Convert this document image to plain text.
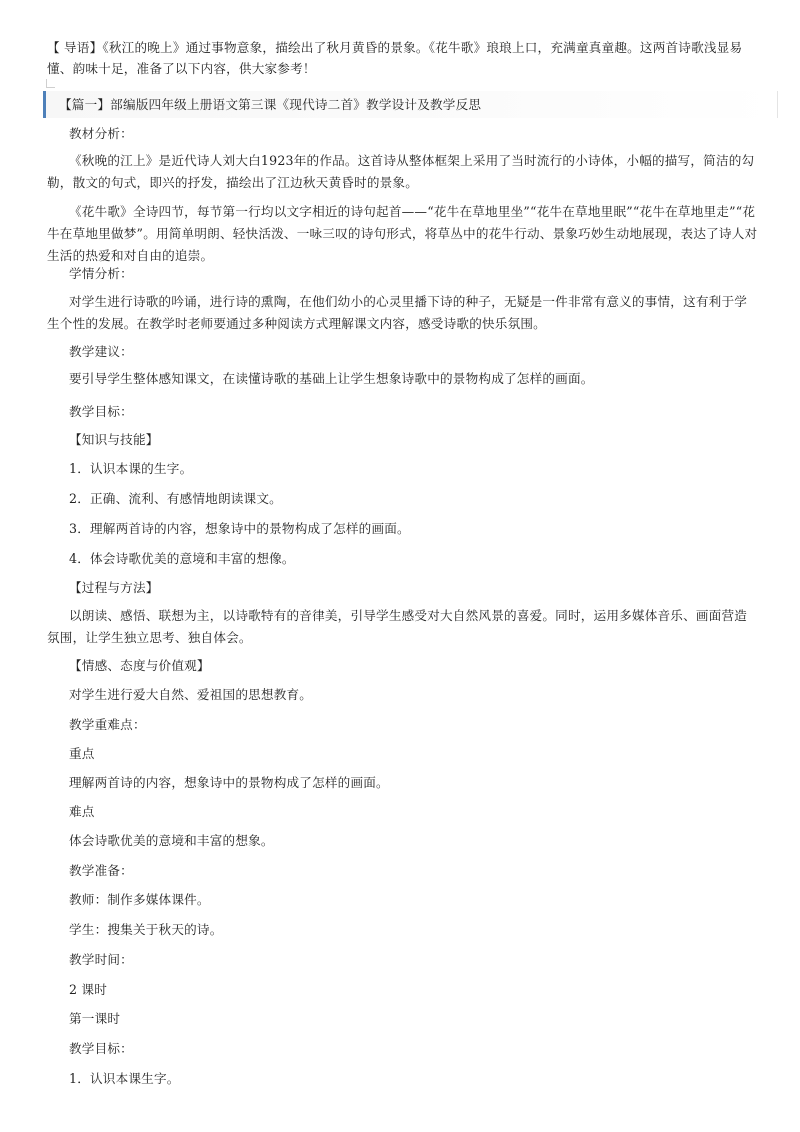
【 导语】《秋江的晚上》通过事物意象，描绘出了秋月黄昏的景象。《花牛歌》琅琅上口，充满童真童趣。这两首诗歌浅显易懂、韵味十足，准备了以下内容，供大家参考！
【篇一】部编版四年级上册语文第三课《现代诗二首》教学设计及教学反思
教材分析：
《秋晚的江上》是近代诗人刘大白1923年的作品。这首诗从整体框架上采用了当时流行的小诗体，小幅的描写，简洁的勾勒，散文的句式，即兴的抒发，描绘出了江边秋天黄昏时的景象。
《花牛歌》全诗四节，每节第一行均以文字相近的诗句起首——“花牛在草地里坐”“花牛在草地里眠”“花牛在草地里走”“花牛在草地里做梦”。用简单明朗、轻快活泼、一咏三叹的诗句形式，将草丛中的花牛行动、景象巧妙生动地展现，表达了诗人对生活的热爱和对自由的追崇。
学情分析：
对学生进行诗歌的吟诵，进行诗的熏陶，在他们幼小的心灵里播下诗的种子，无疑是一件非常有意义的事情，这有利于学生个性的发展。在教学时老师要通过多种阅读方式理解课文内容，感受诗歌的快乐氛围。
教学建议：
要引导学生整体感知课文，在读懂诗歌的基础上让学生想象诗歌中的景物构成了怎样的画面。
教学目标：
【知识与技能】
1．认识本课的生字。
2．正确、流利、有感情地朗读课文。
3．理解两首诗的内容，想象诗中的景物构成了怎样的画面。
4．体会诗歌优美的意境和丰富的想像。
【过程与方法】
以朗读、感悟、联想为主，以诗歌特有的音律美，引导学生感受对大自然风景的喜爱。同时，运用多媒体音乐、画面营造氛围，让学生独立思考、独自体会。
【情感、态度与价值观】
对学生进行爱大自然、爱祖国的思想教育。
教学重难点：
重点
理解两首诗的内容，想象诗中的景物构成了怎样的画面。
难点
体会诗歌优美的意境和丰富的想象。
教学准备：
教师：制作多媒体课件。
学生：搜集关于秋天的诗。
教学时间：
2 课时
第一课时
教学目标：
1．认识本课生字。
